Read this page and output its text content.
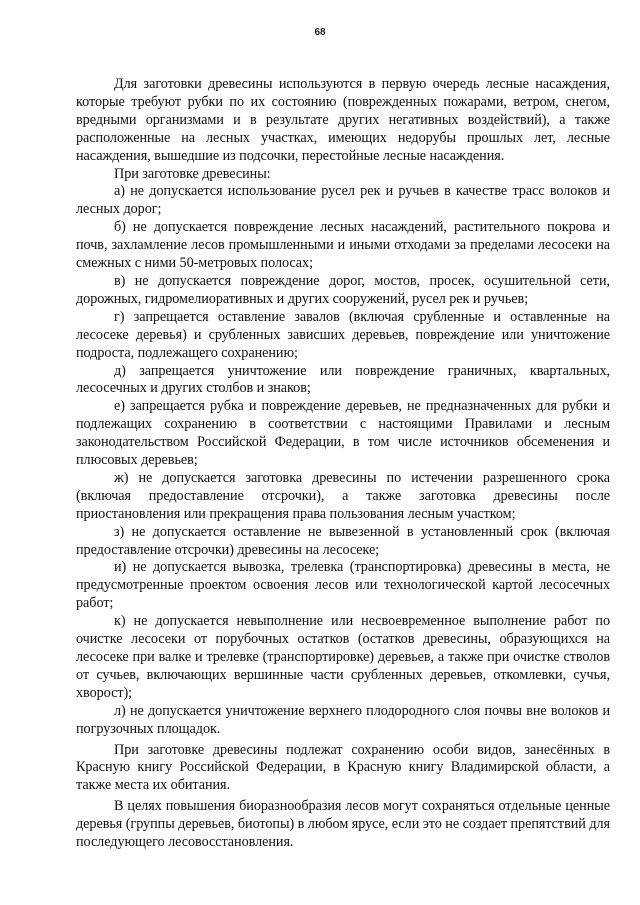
68

Для заготовки древесины используются в первую очередь лесные насаждения, которые требуют рубки по их состоянию (поврежденных пожарами, ветром, снегом, вредными организмами и в результате других негативных воздействий), а также расположенные на лесных участках, имеющих недорубы прошлых лет, лесные насаждения, вышедшие из подсочки, перестойные лесные насаждения.

При заготовке древесины:

а) не допускается использование русел рек и ручьев в качестве трасс волоков и лесных дорог;

б) не допускается повреждение лесных насаждений, растительного покрова и почв, захламление лесов промышленными и иными отходами за пределами лесосеки на смежных с ними 50-метровых полосах;

в) не допускается повреждение дорог, мостов, просек, осушительной сети, дорожных, гидромелиоративных и других сооружений, русел рек и ручьев;

г) запрещается оставление завалов (включая срубленные и оставленные на лесосеке деревья) и срубленных зависших деревьев, повреждение или уничтожение подроста, подлежащего сохранению;

д) запрещается уничтожение или повреждение граничных, квартальных, лесосечных и других столбов и знаков;

е) запрещается рубка и повреждение деревьев, не предназначенных для рубки и подлежащих сохранению в соответствии с настоящими Правилами и лесным законодательством Российской Федерации, в том числе источников обсеменения и плюсовых деревьев;

ж) не допускается заготовка древесины по истечении разрешенного срока (включая предоставление отсрочки), а также заготовка древесины после приостановления или прекращения права пользования лесным участком;

з) не допускается оставление не вывезенной в установленный срок (включая предоставление отсрочки) древесины на лесосеке;

и) не допускается вывозка, трелевка (транспортировка) древесины в места, не предусмотренные проектом освоения лесов или технологической картой лесосечных работ;

к) не допускается невыполнение или несвоевременное выполнение работ по очистке лесосеки от порубочных остатков (остатков древесины, образующихся на лесосеке при валке и трелевке (транспортировке) деревьев, а также при очистке стволов от сучьев, включающих вершинные части срубленных деревьев, откомлевки, сучья, хворост);

л) не допускается уничтожение верхнего плодородного слоя почвы вне волоков и погрузочных площадок.

При заготовке древесины подлежат сохранению особи видов, занесённых в Красную книгу Российской Федерации, в Красную книгу Владимирской области, а также места их обитания.

В целях повышения биоразнообразия лесов могут сохраняться отдельные ценные деревья (группы деревьев, биотопы) в любом ярусе, если это не создает препятствий для последующего лесовосстановления.
